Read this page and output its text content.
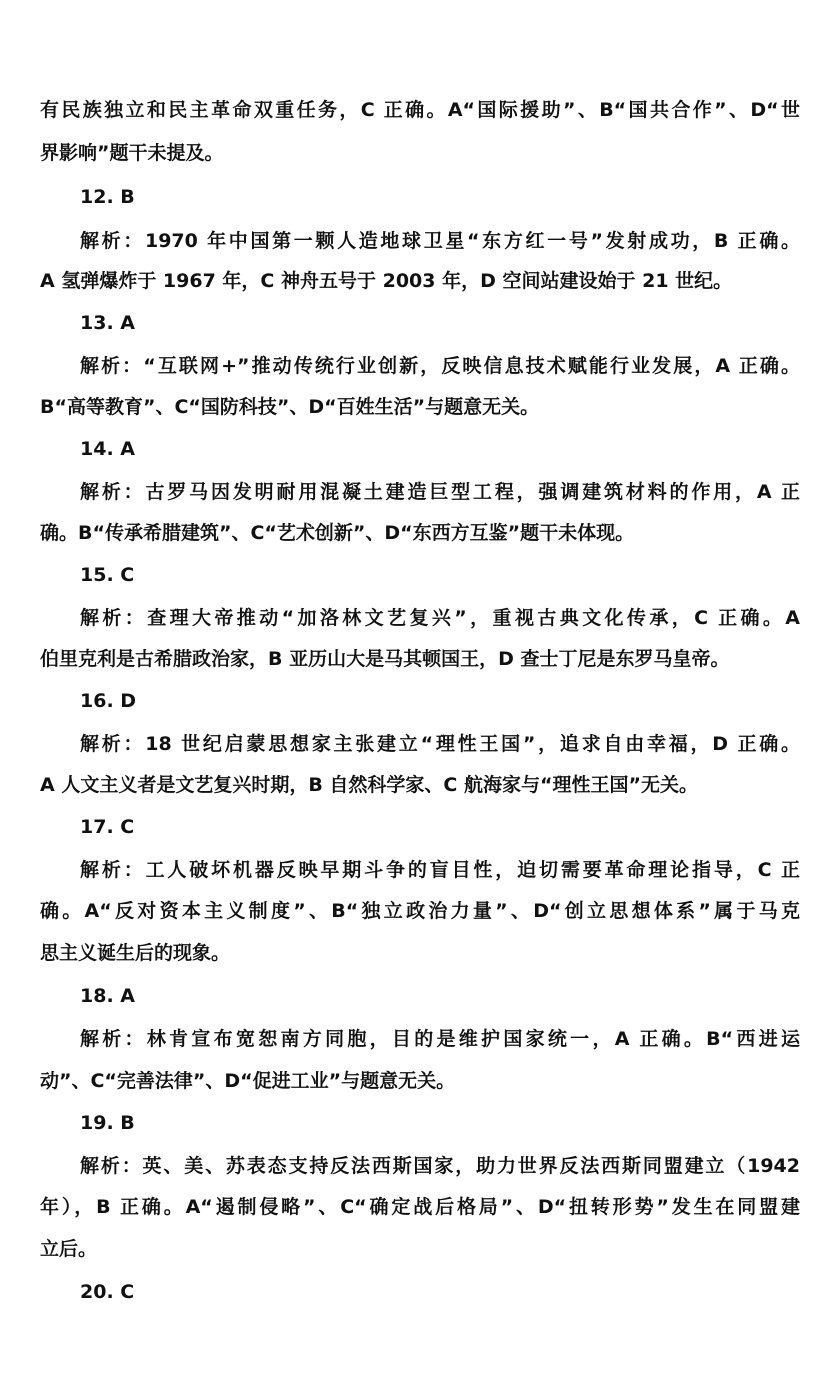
有民族独立和民主革命双重任务，C 正确。A“国际援助”、B“国共合作”、D“世
界影响”题干未提及。
12. B
解析：1970 年中国第一颗人造地球卫星“东方红一号”发射成功，B 正确。
A 氢弹爆炸于 1967 年，C 神舟五号于 2003 年，D 空间站建设始于 21 世纪。
13. A
解析：“互联网+”推动传统行业创新，反映信息技术赋能行业发展，A 正确。
B“高等教育”、C“国防科技”、D“百姓生活”与题意无关。
14. A
解析：古罗马因发明耐用混凝土建造巨型工程，强调建筑材料的作用，A 正
确。B“传承希腊建筑”、C“艺术创新”、D“东西方互鉴”题干未体现。
15. C
解析：查理大帝推动“加洛林文艺复兴”，重视古典文化传承，C 正确。A
伯里克利是古希腊政治家，B 亚历山大是马其顿国王，D 查士丁尼是东罗马皇帝。
16. D
解析：18 世纪启蒙思想家主张建立“理性王国”，追求自由幸福，D 正确。
A 人文主义者是文艺复兴时期，B 自然科学家、C 航海家与“理性王国”无关。
17. C
解析：工人破坏机器反映早期斗争的盲目性，迫切需要革命理论指导，C 正
确。A“反对资本主义制度”、B“独立政治力量”、D“创立思想体系”属于马克
思主义诞生后的现象。
18. A
解析：林肯宣布宽恕南方同胞，目的是维护国家统一，A 正确。B“西进运
动”、C“完善法律”、D“促进工业”与题意无关。
19. B
解析：英、美、苏表态支持反法西斯国家，助力世界反法西斯同盟建立（1942
年），B 正确。A“遏制侵略”、C“确定战后格局”、D“扭转形势”发生在同盟建
立后。
20. C
